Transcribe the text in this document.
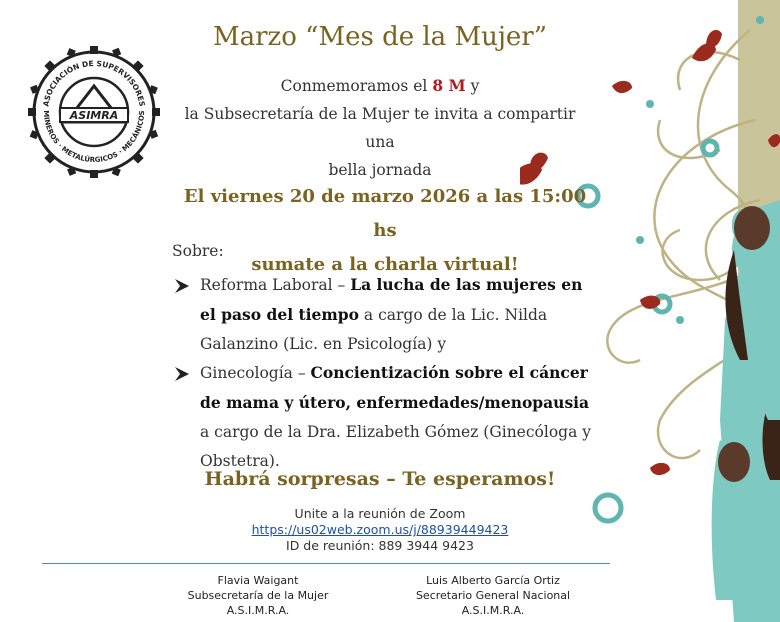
ASOCIACIÓN DE SUPERVISORES
MINEROS · METALÚRGICOS · MECÁNICOS
ASIMRA
Marzo “Mes de la Mujer”
Conmemoramos el 8 M y
la Subsecretaría de la Mujer te invita a compartir una
bella jornada
El viernes 20 de marzo 2026 a las 15:00 hs
sumate a la charla virtual!
Sobre:
Reforma Laboral – La lucha de las mujeres en el paso del tiempo a cargo de la Lic. Nilda Galanzino (Lic. en Psicología) y
Ginecología – Concientización sobre el cáncer de mama y útero, enfermedades/menopausia a cargo de la Dra. Elizabeth Gómez (Ginecóloga y Obstetra).
Habrá sorpresas – Te esperamos!
Unite a la reunión de Zoom
https://us02web.zoom.us/j/88939449423
ID de reunión: 889 3944 9423
Flavia Waigant
Subsecretaría de la Mujer
A.S.I.M.R.A.
Luis Alberto García Ortiz
Secretario General Nacional
A.S.I.M.R.A.
